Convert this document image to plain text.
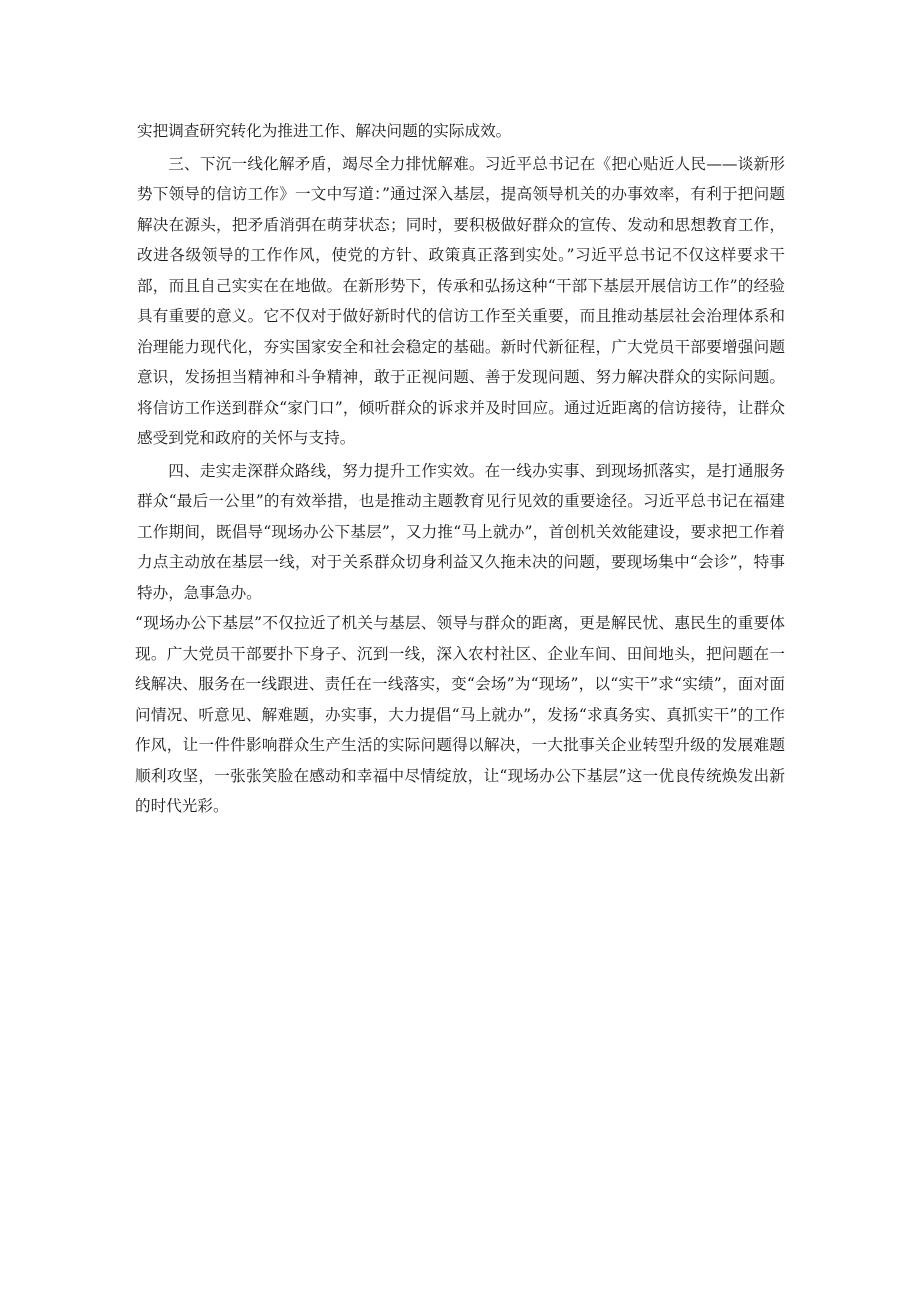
实把调查研究转化为推进工作、解决问题的实际成效。

三、下沉一线化解矛盾，竭尽全力排忧解难。习近平总书记在《把心贴近人民——谈新形势下领导的信访工作》一文中写道：”通过深入基层，提高领导机关的办事效率，有利于把问题解决在源头，把矛盾消弭在萌芽状态；同时，要积极做好群众的宣传、发动和思想教育工作，改进各级领导的工作作风，使党的方针、政策真正落到实处。”习近平总书记不仅这样要求干部，而且自己实实在在地做。在新形势下，传承和弘扬这种“干部下基层开展信访工作”的经验具有重要的意义。它不仅对于做好新时代的信访工作至关重要，而且推动基层社会治理体系和治理能力现代化，夯实国家安全和社会稳定的基础。新时代新征程，广大党员干部要增强问题意识，发扬担当精神和斗争精神，敢于正视问题、善于发现问题、努力解决群众的实际问题。将信访工作送到群众“家门口”，倾听群众的诉求并及时回应。通过近距离的信访接待，让群众感受到党和政府的关怀与支持。

四、走实走深群众路线，努力提升工作实效。在一线办实事、到现场抓落实，是打通服务群众“最后一公里”的有效举措，也是推动主题教育见行见效的重要途径。习近平总书记在福建工作期间，既倡导“现场办公下基层”，又力推“马上就办”，首创机关效能建设，要求把工作着力点主动放在基层一线，对于关系群众切身利益又久拖未决的问题，要现场集中“会诊”，特事特办，急事急办。

“现场办公下基层”不仅拉近了机关与基层、领导与群众的距离，更是解民忧、惠民生的重要体现。广大党员干部要扑下身子、沉到一线，深入农村社区、企业车间、田间地头，把问题在一线解决、服务在一线跟进、责任在一线落实，变“会场”为“现场”，以“实干”求“实绩”，面对面问情况、听意见、解难题，办实事，大力提倡“马上就办”，发扬“求真务实、真抓实干”的工作作风，让一件件影响群众生产生活的实际问题得以解决，一大批事关企业转型升级的发展难题顺利攻坚，一张张笑脸在感动和幸福中尽情绽放，让“现场办公下基层”这一优良传统焕发出新的时代光彩。
